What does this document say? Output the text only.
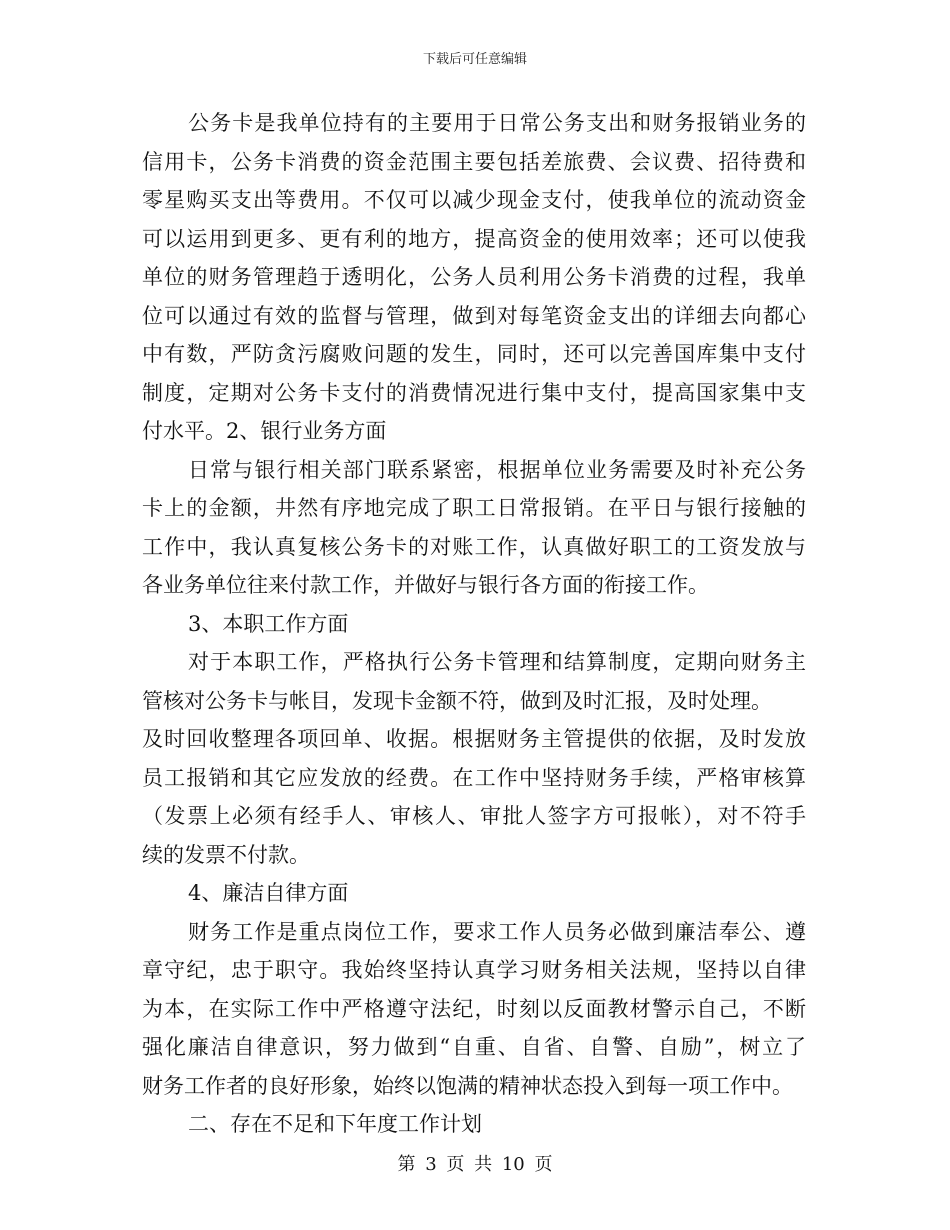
下载后可任意编辑
公务卡是我单位持有的主要用于日常公务支出和财务报销业务的
信用卡，公务卡消费的资金范围主要包括差旅费、会议费、招待费和
零星购买支出等费用。不仅可以减少现金支付，使我单位的流动资金
可以运用到更多、更有利的地方，提高资金的使用效率；还可以使我
单位的财务管理趋于透明化，公务人员利用公务卡消费的过程，我单
位可以通过有效的监督与管理，做到对每笔资金支出的详细去向都心
中有数，严防贪污腐败问题的发生，同时，还可以完善国库集中支付
制度，定期对公务卡支付的消费情况进行集中支付，提高国家集中支
付水平。2、银行业务方面
日常与银行相关部门联系紧密，根据单位业务需要及时补充公务
卡上的金额，井然有序地完成了职工日常报销。在平日与银行接触的
工作中，我认真复核公务卡的对账工作，认真做好职工的工资发放与
各业务单位往来付款工作，并做好与银行各方面的衔接工作。
3、本职工作方面
对于本职工作，严格执行公务卡管理和结算制度，定期向财务主
管核对公务卡与帐目，发现卡金额不符，做到及时汇报，及时处理。
及时回收整理各项回单、收据。根据财务主管提供的依据，及时发放
员工报销和其它应发放的经费。在工作中坚持财务手续，严格审核算
（发票上必须有经手人、审核人、审批人签字方可报帐），对不符手
续的发票不付款。
4、廉洁自律方面
财务工作是重点岗位工作，要求工作人员务必做到廉洁奉公、遵
章守纪，忠于职守。我始终坚持认真学习财务相关法规，坚持以自律
为本，在实际工作中严格遵守法纪，时刻以反面教材警示自己，不断
强化廉洁自律意识，努力做到“自重、自省、自警、自励”，树立了
财务工作者的良好形象，始终以饱满的精神状态投入到每一项工作中。
二、存在不足和下年度工作计划
第 3 页 共 10 页
